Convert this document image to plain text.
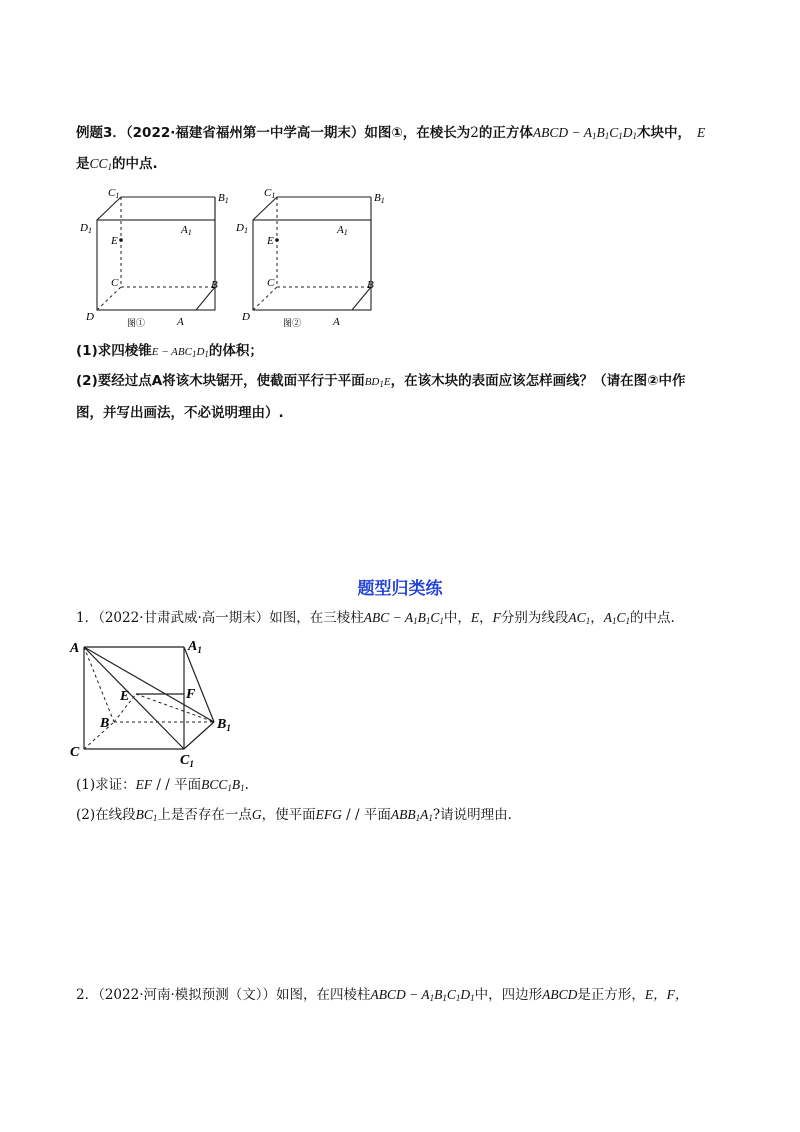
例题3．（2022·福建省福州第一中学高一期末）如图①，在棱长为2的正方体ABCD − $A_1B_1C_1D_1$木块中， E
是$CC_1$的中点.
C1	B1
D1	A1
E
C	B
D	A
图①
C1	B1
D1	A1
E
C	B
D	A
图②
(1)求四棱锥$E - ABC_1D_1$的体积；
(2)要经过点A将该木块锯开，使截面平行于平面$BD_1E$，在该木块的表面应该怎样画线？（请在图②中作
图，并写出画法，不必说明理由）.
题型归类练
1．（2022·甘肃武威·高一期末）如图，在三棱柱ABC − $A_1B_1C_1$中，E，F分别为线段$AC_1$，$A_1C_1$的中点.
A	$A_1$
E	F
B	$B_1$
C
$C_1$
(1)求证：EF / / 平面$BCC_1B_1$.
(2)在线段$BC_1$上是否存在一点G，使平面EFG / / 平面$ABB_1A_1$?请说明理由.
2．（2022·河南·模拟预测（文））如图，在四棱柱ABCD − $A_1B_1C_1D_1$中，四边形ABCD是正方形，E，F，
